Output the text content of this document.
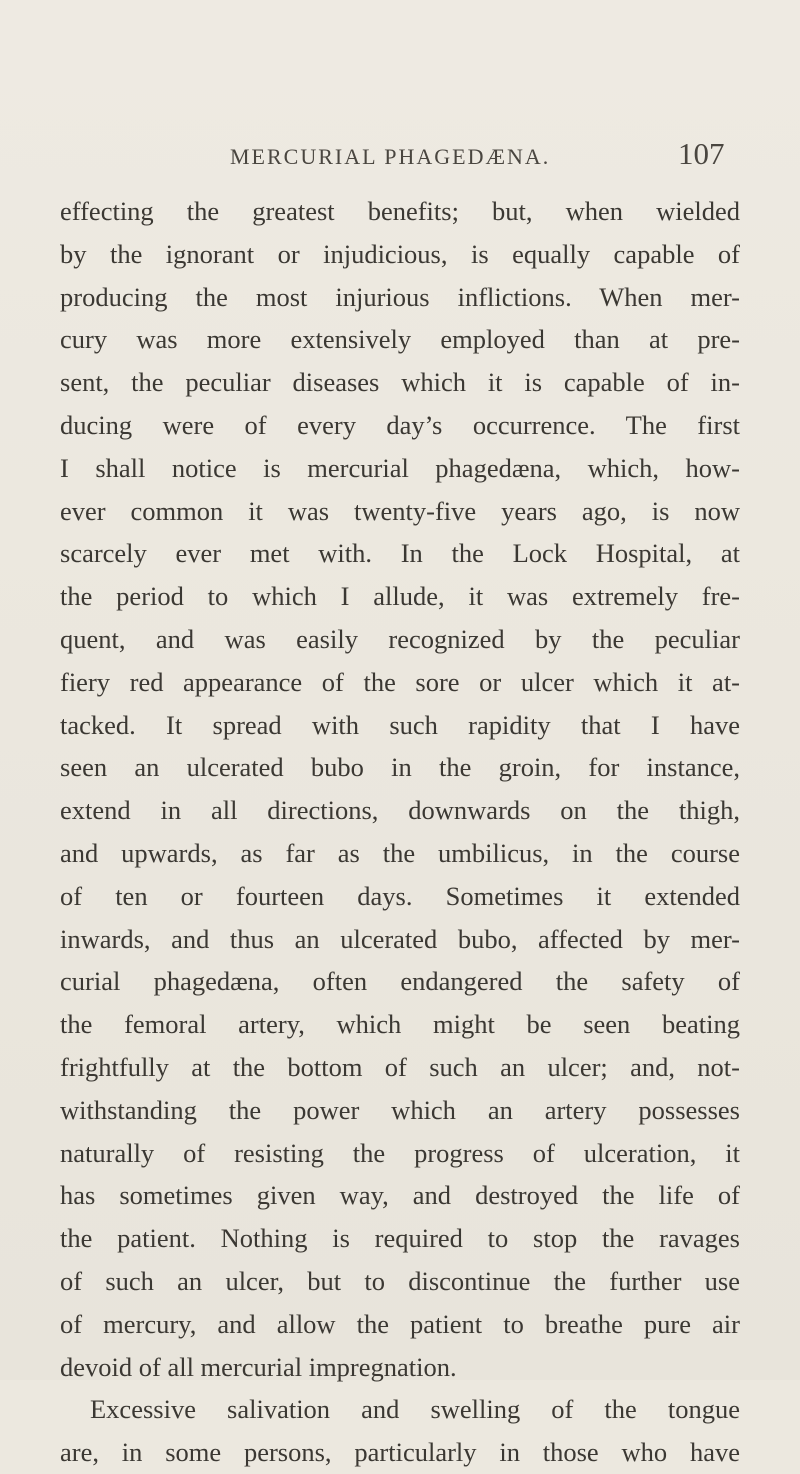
MERCURIAL PHAGEDÆNA.	107
effecting the greatest benefits; but, when wielded
by the ignorant or injudicious, is equally capable of
producing the most injurious inflictions. When mer-
cury was more extensively employed than at pre-
sent, the peculiar diseases which it is capable of in-
ducing were of every day’s occurrence. The first
I shall notice is mercurial phagedæna, which, how-
ever common it was twenty-five years ago, is now
scarcely ever met with. In the Lock Hospital, at
the period to which I allude, it was extremely fre-
quent, and was easily recognized by the peculiar
fiery red appearance of the sore or ulcer which it at-
tacked. It spread with such rapidity that I have
seen an ulcerated bubo in the groin, for instance,
extend in all directions, downwards on the thigh,
and upwards, as far as the umbilicus, in the course
of ten or fourteen days. Sometimes it extended
inwards, and thus an ulcerated bubo, affected by mer-
curial phagedæna, often endangered the safety of
the femoral artery, which might be seen beating
frightfully at the bottom of such an ulcer; and, not-
withstanding the power which an artery possesses
naturally of resisting the progress of ulceration, it
has sometimes given way, and destroyed the life of
the patient. Nothing is required to stop the ravages
of such an ulcer, but to discontinue the further use
of mercury, and allow the patient to breathe pure air
devoid of all mercurial impregnation.
Excessive salivation and swelling of the tongue
are, in some persons, particularly in those who have
